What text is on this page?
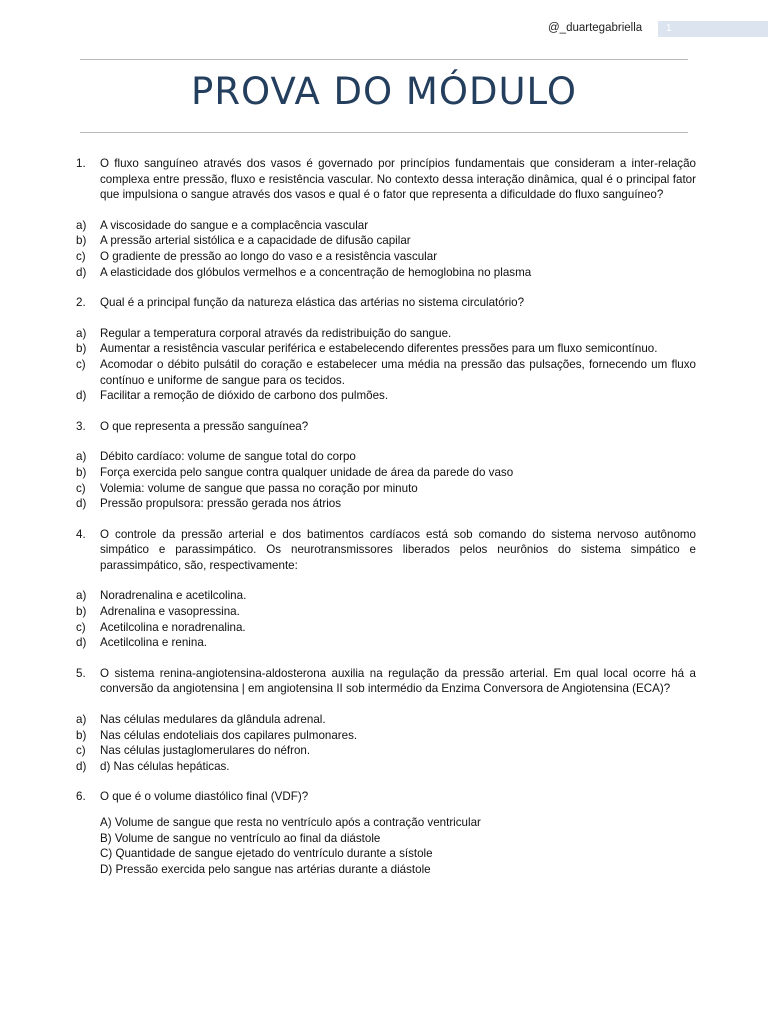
@_duartegabriella	1
PROVA DO MÓDULO
1.	O fluxo sanguíneo através dos vasos é governado por princípios fundamentais que consideram a inter-relação complexa entre pressão, fluxo e resistência vascular. No contexto dessa interação dinâmica, qual é o principal fator que impulsiona o sangue através dos vasos e qual é o fator que representa a dificuldade do fluxo sanguíneo?
a)	A viscosidade do sangue e a complacência vascular
b)	A pressão arterial sistólica e a capacidade de difusão capilar
c)	O gradiente de pressão ao longo do vaso e a resistência vascular
d)	A elasticidade dos glóbulos vermelhos e a concentração de hemoglobina no plasma
2.	Qual é a principal função da natureza elástica das artérias no sistema circulatório?
a)	Regular a temperatura corporal através da redistribuição do sangue.
b)	Aumentar a resistência vascular periférica e estabelecendo diferentes pressões para um fluxo semicontínuo.
c)	Acomodar o débito pulsátil do coração e estabelecer uma média na pressão das pulsações, fornecendo um fluxo contínuo e uniforme de sangue para os tecidos.
d)	Facilitar a remoção de dióxido de carbono dos pulmões.
3.	O que representa a pressão sanguínea?
a)	Débito cardíaco: volume de sangue total do corpo
b)	Força exercida pelo sangue contra qualquer unidade de área da parede do vaso
c)	Volemia: volume de sangue que passa no coração por minuto
d)	Pressão propulsora: pressão gerada nos átrios
4.	O controle da pressão arterial e dos batimentos cardíacos está sob comando do sistema nervoso autônomo simpático e parassimpático. Os neurotransmissores liberados pelos neurônios do sistema simpático e parassimpático, são, respectivamente:
a)	Noradrenalina e acetilcolina.
b)	Adrenalina e vasopressina.
c)	Acetilcolina e noradrenalina.
d)	Acetilcolina e renina.
5.	O sistema renina-angiotensina-aldosterona auxilia na regulação da pressão arterial. Em qual local ocorre há a conversão da angiotensina | em angiotensina II sob intermédio da Enzima Conversora de Angiotensina (ECA)?
a)	Nas células medulares da glândula adrenal.
b)	Nas células endoteliais dos capilares pulmonares.
c)	Nas células justaglomerulares do néfron.
d)	d) Nas células hepáticas.
6.	O que é o volume diastólico final (VDF)?
A) Volume de sangue que resta no ventrículo após a contração ventricular
B) Volume de sangue no ventrículo ao final da diástole
C) Quantidade de sangue ejetado do ventrículo durante a sístole
D) Pressão exercida pelo sangue nas artérias durante a diástole
